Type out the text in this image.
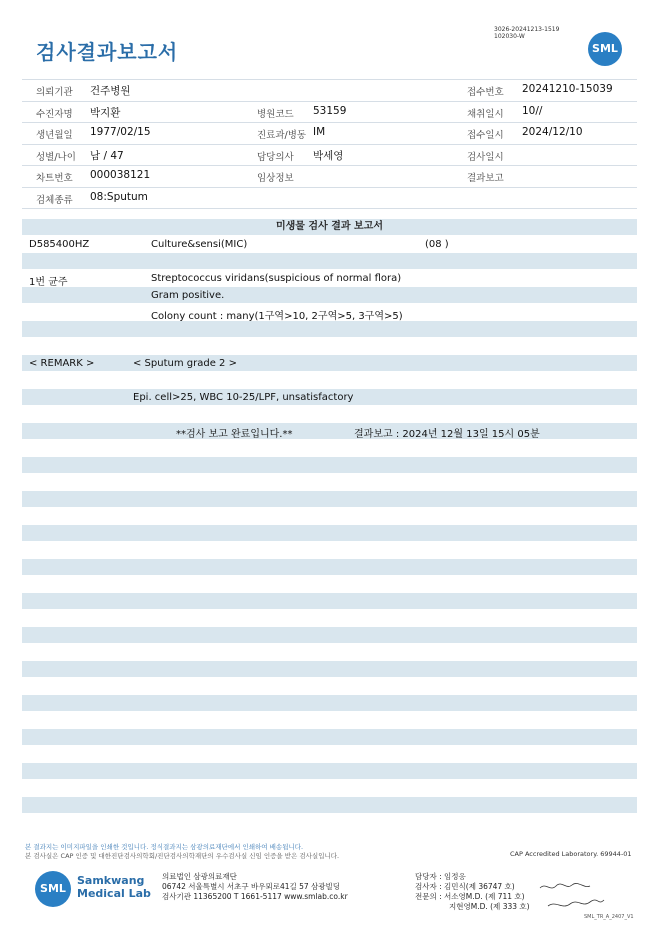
검사결과보고서
3026-20241213-1519
102030-W
SML
의뢰기관 건주병원	접수번호 20241210-15039
수진자명 박지환	병원코드 53159	채취일시 10//
생년월일 1977/02/15	진료과/병동 IM	접수일시 2024/12/10
성별/나이 남 / 47	담당의사 박세영	검사일시
차트번호 000038121	임상정보	결과보고
검체종류 08:Sputum
미생물 검사 결과 보고서
D585400HZ	Culture&sensi(MIC)	(08 )
1번 균주	Streptococcus viridans(suspicious of normal flora)
Gram positive.
Colony count : many(1구역>10, 2구역>5, 3구역>5)
< REMARK >	< Sputum grade 2 >
Epi. cell>25, WBC 10-25/LPF, unsatisfactory
**검사 보고 완료입니다.**	결과보고 : 2024년 12월 13일 15시 05분
본 결과지는 이미지파일을 인쇄한 것입니다. 정식결과지는 삼광의료재단에서 인쇄하여 배송됩니다.
본 검사실은 CAP 인증 및 대한진단검사의학회/진단검사의학재단의 우수검사실 신임 인증을 받은 검사실입니다.	CAP Accredited Laboratory. 69944-01
SML
Samkwang
Medical Lab
의료법인 삼광의료재단
06742 서울특별시 서초구 바우뫼로41길 57 삼광빌딩
검사기관 11365200 T 1661-5117 www.smlab.co.kr
담당자 : 임정응
검사자 : 김민식(제 36747 호)
전문의 : 서소영M.D. (제 711 호)
지현영M.D. (제 333 호)
SML_TR_A_2407_V1
